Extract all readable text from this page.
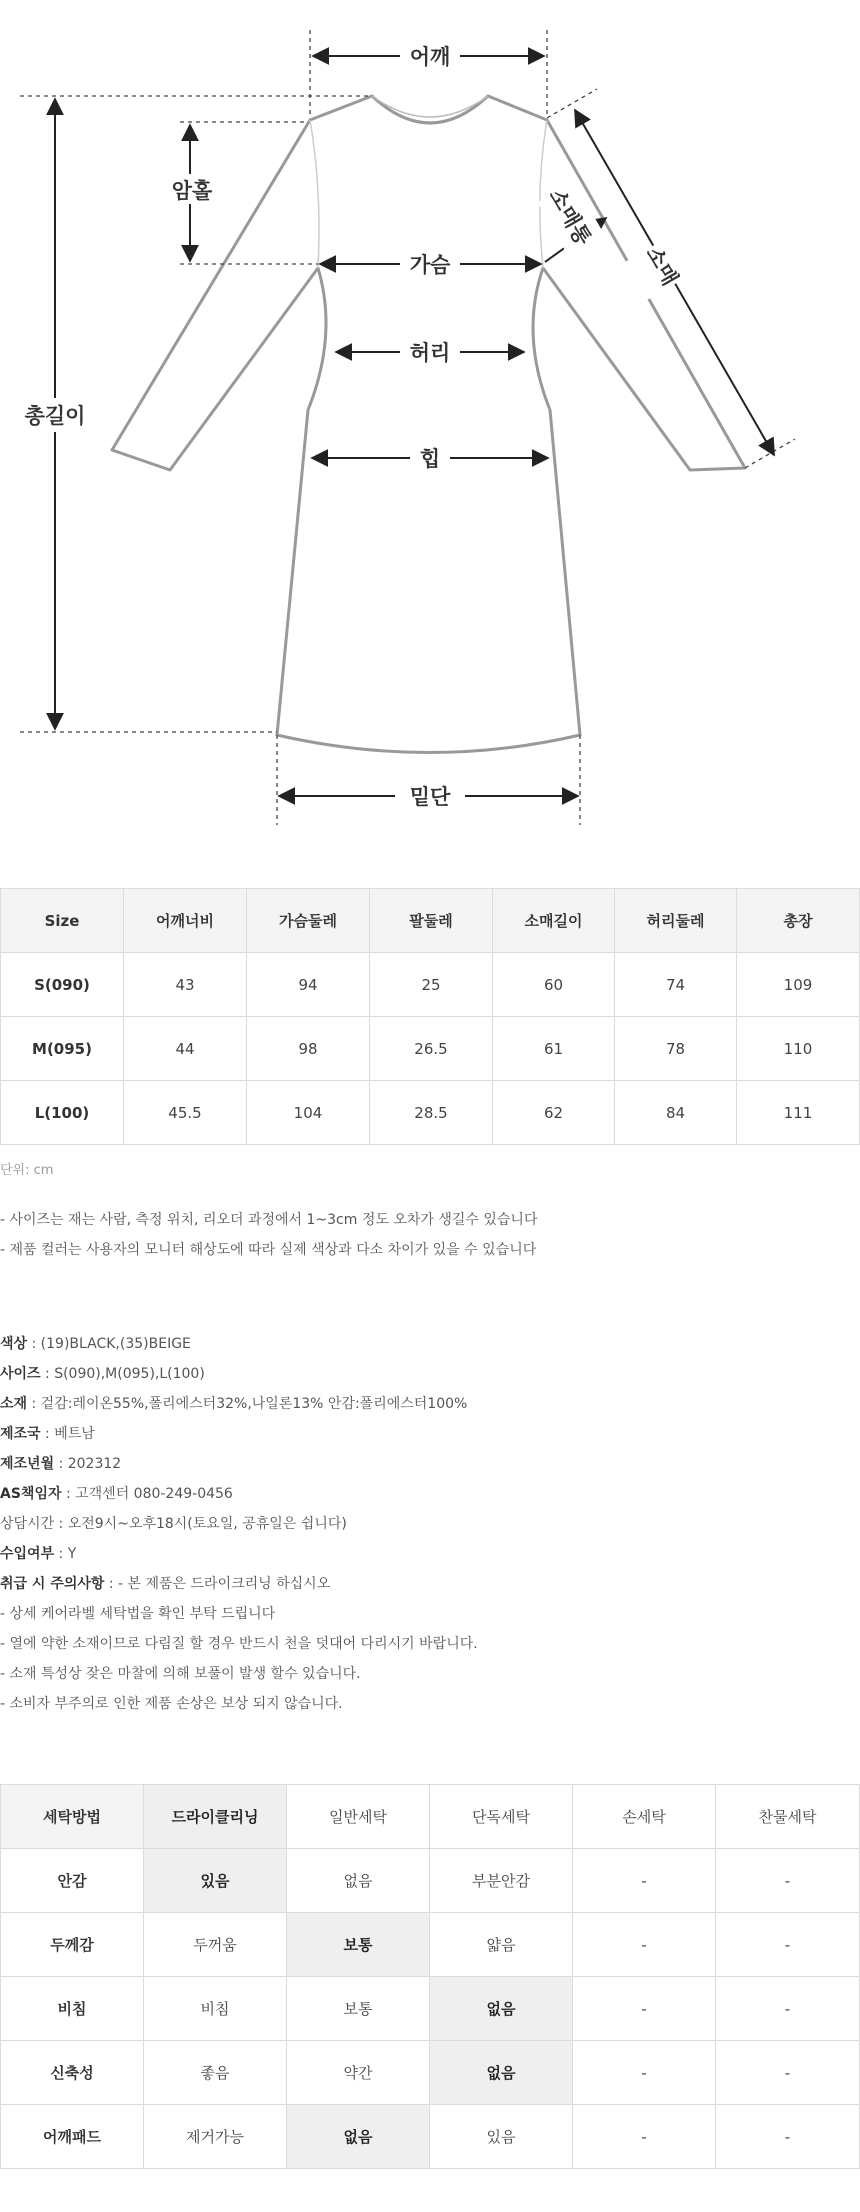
어깨
암홀
총길이
가슴
허리
힙
밑단
소매
소매통
Size	어깨너비	가슴둘레	팔둘레	소매길이	허리둘레	총장
S(090)	43	94	25	60	74	109
M(095)	44	98	26.5	61	78	110
L(100)	45.5	104	28.5	62	84	111
단위: cm
- 사이즈는 재는 사람, 측정 위치, 리오더 과정에서 1~3cm 정도 오차가 생길수 있습니다
- 제품 컬러는 사용자의 모니터 해상도에 따라 실제 색상과 다소 차이가 있을 수 있습니다
색상 : (19)BLACK,(35)BEIGE
사이즈 : S(090),M(095),L(100)
소재 : 겉감:레이온55%,폴리에스터32%,나일론13% 안감:폴리에스터100%
제조국 : 베트남
제조년월 : 202312
AS책임자 : 고객센터 080-249-0456
상담시간 : 오전9시~오후18시(토요일, 공휴일은 쉽니다)
수입여부 : Y
취급 시 주의사항 : - 본 제품은 드라이크리닝 하십시오
- 상세 케어라벨 세탁법을 확인 부탁 드립니다
- 열에 약한 소재이므로 다림질 할 경우 반드시 천을 덧대어 다리시기 바랍니다.
- 소재 특성상 잦은 마찰에 의해 보풀이 발생 할수 있습니다.
- 소비자 부주의로 인한 제품 손상은 보상 되지 않습니다.
세탁방법	드라이클리닝	일반세탁	단독세탁	손세탁	찬물세탁
안감	있음	없음	부분안감	-	-
두께감	두꺼움	보통	얇음	-	-
비침	비침	보통	없음	-	-
신축성	좋음	약간	없음	-	-
어깨패드	제거가능	없음	있음	-	-
